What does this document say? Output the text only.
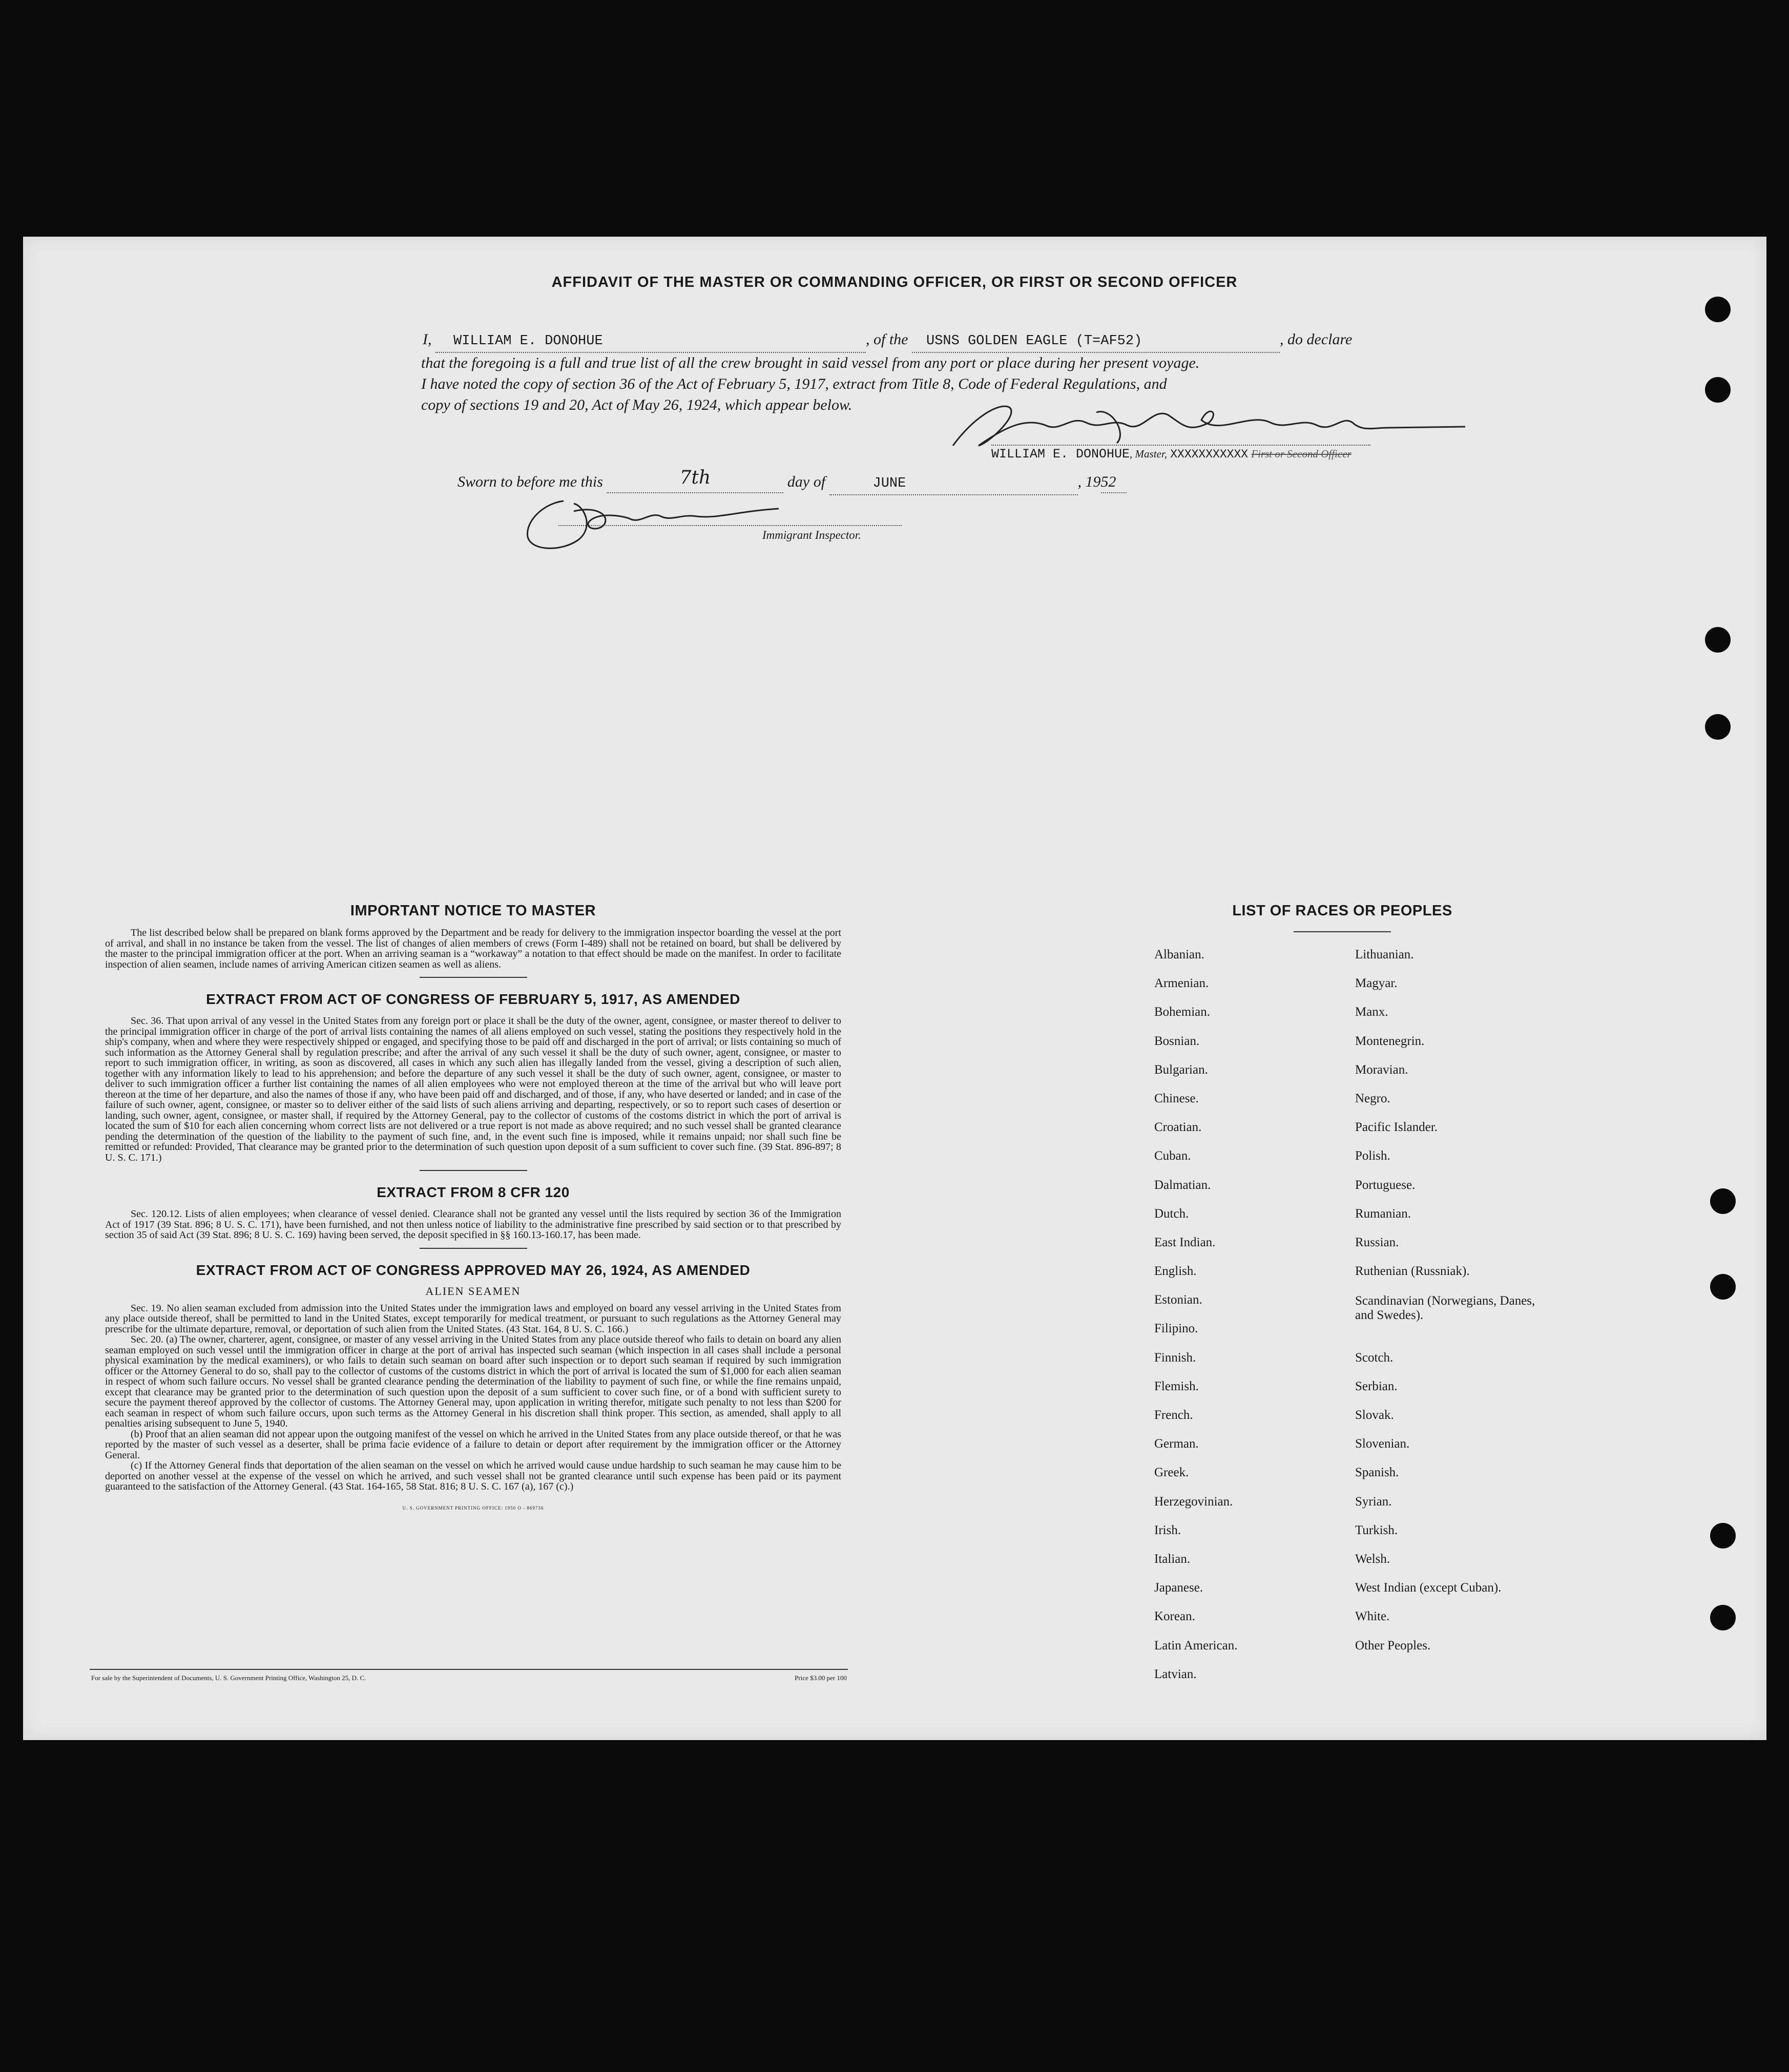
AFFIDAVIT OF THE MASTER OR COMMANDING OFFICER, OR FIRST OR SECOND OFFICER
I, WILLIAM E. DONOHUE	, of the USNS GOLDEN EAGLE (T=AF52)	, do declare
that the foregoing is a full and true list of all the crew brought in said vessel from any port or place during her present voyage.
I have noted the copy of section 36 of the Act of February 5, 1917, extract from Title 8, Code of Federal Regulations, and
copy of sections 19 and 20, Act of May 26, 1924, which appear below.
WILLIAM E. DONOHUE, Master, XXXXXXXXXXX First or Second Officer
Sworn to before me this	7th	day of	JUNE	, 1952
Immigrant Inspector.
IMPORTANT NOTICE TO MASTER

The list described below shall be prepared on blank forms approved by the Department and be ready for delivery to the immigration inspector boarding the vessel at the port of arrival, and shall in no instance be taken from the vessel. The list of changes of alien members of crews (Form I-489) shall not be retained on board, but shall be delivered by the master to the principal immigration officer at the port. When an arriving seaman is a “workaway” a notation to that effect should be made on the manifest. In order to facilitate inspection of alien seamen, include names of arriving American citizen seamen as well as aliens.

EXTRACT FROM ACT OF CONGRESS OF FEBRUARY 5, 1917, AS AMENDED

Sec. 36. That upon arrival of any vessel in the United States from any foreign port or place it shall be the duty of the owner, agent, consignee, or master thereof to deliver to the principal immigration officer in charge of the port of arrival lists containing the names of all aliens employed on such vessel, stating the positions they respectively hold in the ship's company, when and where they were respectively shipped or engaged, and specifying those to be paid off and discharged in the port of arrival; or lists containing so much of such information as the Attorney General shall by regulation prescribe; and after the arrival of any such vessel it shall be the duty of such owner, agent, consignee, or master to report to such immigration officer, in writing, as soon as discovered, all cases in which any such alien has illegally landed from the vessel, giving a description of such alien, together with any information likely to lead to his apprehension; and before the departure of any such vessel it shall be the duty of such owner, agent, consignee, or master to deliver to such immigration officer a further list containing the names of all alien employees who were not employed thereon at the time of the arrival but who will leave port thereon at the time of her departure, and also the names of those if any, who have been paid off and discharged, and of those, if any, who have deserted or landed; and in case of the failure of such owner, agent, consignee, or master so to deliver either of the said lists of such aliens arriving and departing, respectively, or so to report such cases of desertion or landing, such owner, agent, consignee, or master shall, if required by the Attorney General, pay to the collector of customs of the costoms district in which the port of arrival is located the sum of $10 for each alien concerning whom correct lists are not delivered or a true report is not made as above required; and no such vessel shall be granted clearance pending the determination of the question of the liability to the payment of such fine, and, in the event such fine is imposed, while it remains unpaid; nor shall such fine be remitted or refunded: Provided, That clearance may be granted prior to the determination of such question upon deposit of a sum sufficient to cover such fine. (39 Stat. 896-897; 8 U. S. C. 171.)

EXTRACT FROM 8 CFR 120

Sec. 120.12. Lists of alien employees; when clearance of vessel denied. Clearance shall not be granted any vessel until the lists required by section 36 of the Immigration Act of 1917 (39 Stat. 896; 8 U. S. C. 171), have been furnished, and not then unless notice of liability to the administrative fine prescribed by said section or to that prescribed by section 35 of said Act (39 Stat. 896; 8 U. S. C. 169) having been served, the deposit specified in §§ 160.13-160.17, has been made.

EXTRACT FROM ACT OF CONGRESS APPROVED MAY 26, 1924, AS AMENDED
ALIEN SEAMEN

Sec. 19. No alien seaman excluded from admission into the United States under the immigration laws and employed on board any vessel arriving in the United States from any place outside thereof, shall be permitted to land in the United States, except temporarily for medical treatment, or pursuant to such regulations as the Attorney General may prescribe for the ultimate departure, removal, or deportation of such alien from the United States. (43 Stat. 164, 8 U. S. C. 166.)

Sec. 20. (a) The owner, charterer, agent, consignee, or master of any vessel arriving in the United States from any place outside thereof who fails to detain on board any alien seaman employed on such vessel until the immigration officer in charge at the port of arrival has inspected such seaman (which inspection in all cases shall include a personal physical examination by the medical examiners), or who fails to detain such seaman on board after such inspection or to deport such seaman if required by such immigration officer or the Attorney General to do so, shall pay to the collector of customs of the customs district in which the port of arrival is located the sum of $1,000 for each alien seaman in respect of whom such failure occurs. No vessel shall be granted clearance pending the determination of the liability to payment of such fine, or while the fine remains unpaid, except that clearance may be granted prior to the determination of such question upon the deposit of a sum sufficient to cover such fine, or of a bond with sufficient surety to secure the payment thereof approved by the collector of customs. The Attorney General may, upon application in writing therefor, mitigate such penalty to not less than $200 for each seaman in respect of whom such failure occurs, upon such terms as the Attorney General in his discretion shall think proper. This section, as amended, shall apply to all penalties arising subsequent to June 5, 1940.

(b) Proof that an alien seaman did not appear upon the outgoing manifest of the vessel on which he arrived in the United States from any place outside thereof, or that he was reported by the master of such vessel as a deserter, shall be prima facie evidence of a failure to detain or deport after requirement by the immigration officer or the Attorney General.

(c) If the Attorney General finds that deportation of the alien seaman on the vessel on which he arrived would cause undue hardship to such seaman he may cause him to be deported on another vessel at the expense of the vessel on which he arrived, and such vessel shall not be granted clearance until such expense has been paid or its payment guaranteed to the satisfaction of the Attorney General. (43 Stat. 164-165, 58 Stat. 816; 8 U. S. C. 167 (a), 167 (c).)

U. S. GOVERNMENT PRINTING OFFICE: 1950 O - 869736
For sale by the Superintendent of Documents, U. S. Government Printing Office, Washington 25, D. C.	Price $3.00 per 100
LIST OF RACES OR PEOPLES
Albanian.
Armenian.
Bohemian.
Bosnian.
Bulgarian.
Chinese.
Croatian.
Cuban.
Dalmatian.
Dutch.
East Indian.
English.
Estonian.
Filipino.
Finnish.
Flemish.
French.
German.
Greek.
Herzegovinian.
Irish.
Italian.
Japanese.
Korean.
Latin American.
Latvian.
Lithuanian.
Magyar.
Manx.
Montenegrin.
Moravian.
Negro.
Pacific Islander.
Polish.
Portuguese.
Rumanian.
Russian.
Ruthenian (Russniak).
Scandinavian (Norwegians, Danes, and Swedes).
Scotch.
Serbian.
Slovak.
Slovenian.
Spanish.
Syrian.
Turkish.
Welsh.
West Indian (except Cuban).
White.
Other Peoples.
